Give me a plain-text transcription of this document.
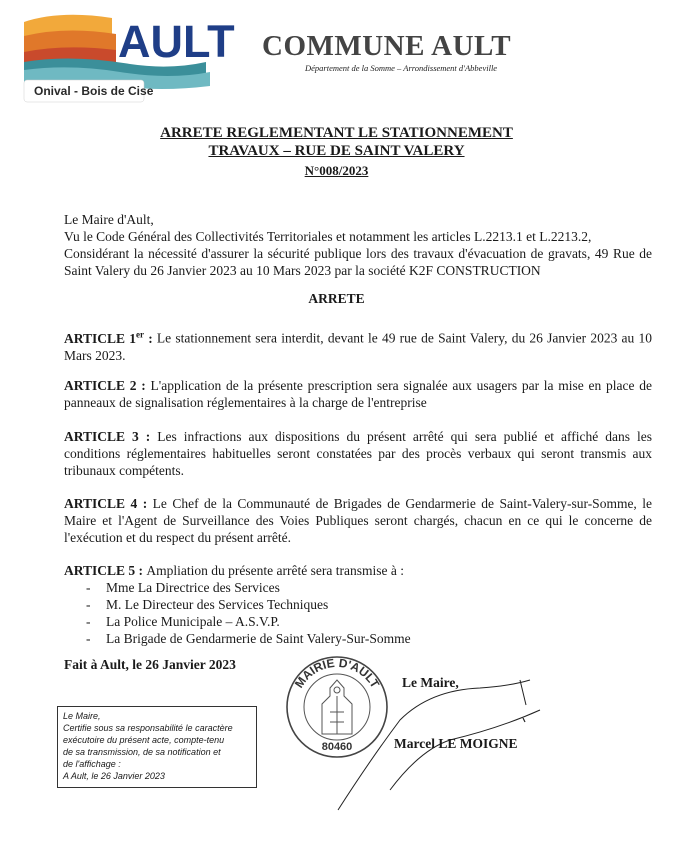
AULT
Onival - Bois de Cise
COMMUNE AULT
Département de la Somme – Arrondissement d'Abbeville
ARRETE REGLEMENTANT LE STATIONNEMENT
TRAVAUX – RUE DE SAINT VALERY
N°008/2023

Le Maire d'Ault,

Vu le Code Général des Collectivités Territoriales et notamment les articles L.2213.1 et L.2213.2,

Considérant la nécessité d'assurer la sécurité publique lors des travaux d'évacuation de gravats, 49 Rue de Saint Valery du 26 Janvier 2023 au 10 Mars 2023 par la société K2F CONSTRUCTION

ARRETE

ARTICLE 1er : Le stationnement sera interdit, devant le 49 rue de Saint Valery, du 26 Janvier 2023 au 10 Mars 2023.

ARTICLE 2 : L'application de la présente prescription sera signalée aux usagers par la mise en place de panneaux de signalisation réglementaires à la charge de l'entreprise

ARTICLE 3 : Les infractions aux dispositions du présent arrêté qui sera publié et affiché dans les conditions réglementaires habituelles seront constatées par des procès verbaux qui seront transmis aux tribunaux compétents.

ARTICLE 4 : Le Chef de la Communauté de Brigades de Gendarmerie de Saint-Valery-sur-Somme, le Maire et l'Agent de Surveillance des Voies Publiques seront chargés, chacun en ce qui le concerne de l'exécution et du respect du présent arrêté.

ARTICLE 5 : Ampliation du présente arrêté sera transmise à :

- Mme La Directrice des Services
- M. Le Directeur des Services Techniques
- La Police Municipale – A.S.V.P.
- La Brigade de Gendarmerie de Saint Valery-Sur-Somme
Fait à Ault, le 26 Janvier 2023
Le Maire,
Certifie sous sa responsabilité le caractère
exécutoire du présent acte, compte-tenu
de sa transmission, de sa notification et
de l'affichage :
A Ault, le 26 Janvier 2023
MAIRIE D'AULT
80460
Le Maire,
Marcel LE MOIGNE
